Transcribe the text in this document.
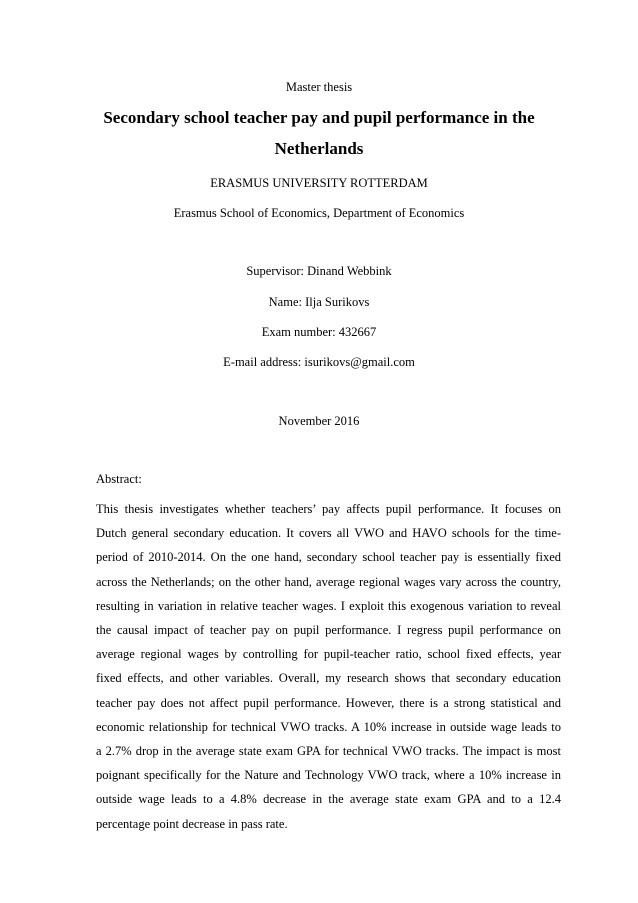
Master thesis
Secondary school teacher pay and pupil performance in the
Netherlands
ERASMUS UNIVERSITY ROTTERDAM
Erasmus School of Economics, Department of Economics
Supervisor: Dinand Webbink
Name: Ilja Surikovs
Exam number: 432667
E-mail address: isurikovs@gmail.com
November 2016
Abstract:
This thesis investigates whether teachers’ pay affects pupil performance. It focuses on
Dutch general secondary education. It covers all VWO and HAVO schools for the time-
period of 2010-2014. On the one hand, secondary school teacher pay is essentially fixed
across the Netherlands; on the other hand, average regional wages vary across the country,
resulting in variation in relative teacher wages. I exploit this exogenous variation to reveal
the causal impact of teacher pay on pupil performance. I regress pupil performance on
average regional wages by controlling for pupil-teacher ratio, school fixed effects, year
fixed effects, and other variables. Overall, my research shows that secondary education
teacher pay does not affect pupil performance. However, there is a strong statistical and
economic relationship for technical VWO tracks. A 10% increase in outside wage leads to
a 2.7% drop in the average state exam GPA for technical VWO tracks. The impact is most
poignant specifically for the Nature and Technology VWO track, where a 10% increase in
outside wage leads to a 4.8% decrease in the average state exam GPA and to a 12.4
percentage point decrease in pass rate.
